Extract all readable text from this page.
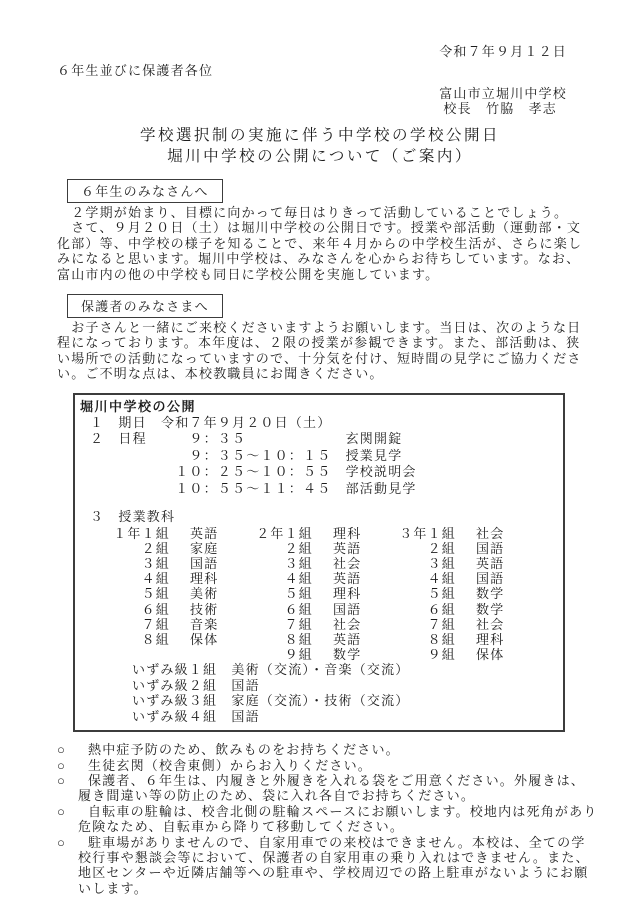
令和７年９月１２日
６年生並びに保護者各位
富山市立堀川中学校
校長　竹脇　孝志
学校選択制の実施に伴う中学校の学校公開日
堀川中学校の公開について（ご案内）
６年生のみなさんへ
　２学期が始まり、目標に向かって毎日はりきって活動していることでしょう。
　さて、９月２０日（土）は堀川中学校の公開日です。授業や部活動（運動部・文
化部）等、中学校の様子を知ることで、来年４月からの中学校生活が、さらに楽し
みになると思います。堀川中学校は、みなさんを心からお待ちしています。なお、
富山市内の他の中学校も同日に学校公開を実施しています。
保護者のみなさまへ
　お子さんと一緒にご来校くださいますようお願いします。当日は、次のような日
程になっております。本年度は、２限の授業が参観できます。また、部活動は、狭
い場所での活動になっていますので、十分気を付け、短時間の見学にご協力くださ
い。ご不明な点は、本校教職員にお聞きください。
堀川中学校の公開
１　期日　令和７年９月２０日（土）
２　日程　　　９：３５　　　　　　　玄関開錠
　　　　　　　９：３５～１０：１５　授業見学
　　　　　　１０：２５～１０：５５　学校説明会
　　　　　　１０：５５～１１：４５　部活動見学
３　授業教科
１年１組	英語	２年１組	理科	３年１組	社会
２組	家庭	２組	英語	２組	国語
３組	国語	３組	社会	３組	英語
４組	理科	４組	英語	４組	国語
５組	美術	５組	理科	５組	数学
６組	技術	６組	国語	６組	数学
７組	音楽	７組	社会	７組	社会
８組	保体	８組	英語	８組	理科
９組	数学	９組	保体
いずみ級１組　美術（交流）・音楽（交流）
いずみ級２組　国語
いずみ級３組　家庭（交流）・技術（交流）
いずみ級４組　国語
○	熱中症予防のため、飲みものをお持ちください。
○	生徒玄関（校舎東側）からお入りください。
○	保護者、６年生は、内履きと外履きを入れる袋をご用意ください。外履きは、
履き間違い等の防止のため、袋に入れ各自でお持ちください。
○	自転車の駐輪は、校舎北側の駐輪スペースにお願いします。校地内は死角があり
危険なため、自転車から降りて移動してください。
○	駐車場がありませんので、自家用車での来校はできません。本校は、全ての学
校行事や懇談会等において、保護者の自家用車の乗り入れはできません。また、
地区センターや近隣店舗等への駐車や、学校周辺での路上駐車がないようにお願
いします。
